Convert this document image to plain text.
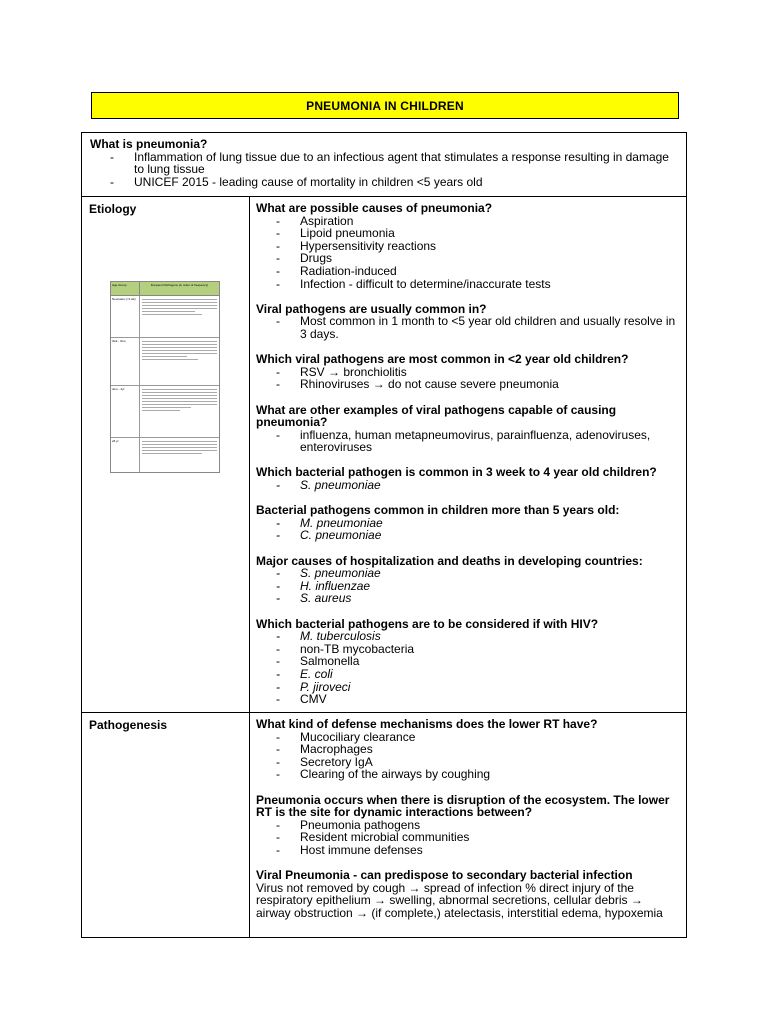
PNEUMONIA IN CHILDREN
What is pneumonia?
- Inflammation of lung tissue due to an infectious agent that stimulates a response resulting in damage to lung tissue
- UNICEF 2015 - leading cause of mortality in children <5 years old
Etiology
Age Group	Frequent Pathogens (in order of frequency)
Neonates (<3 wk)
3wk - 3mo
4mo - 4yr
≥5 yr
What are possible causes of pneumonia?
- Aspiration
- Lipoid pneumonia
- Hypersensitivity reactions
- Drugs
- Radiation-induced
- Infection - difficult to determine/inaccurate tests
Viral pathogens are usually common in?
- Most common in 1 month to <5 year old children and usually resolve in 3 days.
Which viral pathogens are most common in <2 year old children?
- RSV → bronchiolitis
- Rhinoviruses → do not cause severe pneumonia
What are other examples of viral pathogens capable of causing pneumonia?
- influenza, human metapneumovirus, parainfluenza, adenoviruses, enteroviruses
Which bacterial pathogen is common in 3 week to 4 year old children?
- S. pneumoniae
Bacterial pathogens common in children more than 5 years old:
- M. pneumoniae
- C. pneumoniae
Major causes of hospitalization and deaths in developing countries:
- S. pneumoniae
- H. influenzae
- S. aureus
Which bacterial pathogens are to be considered if with HIV?
- M. tuberculosis
- non-TB mycobacteria
- Salmonella
- E. coli
- P. jiroveci
- CMV
Pathogenesis	What kind of defense mechanisms does the lower RT have?
- Mucociliary clearance
- Macrophages
- Secretory IgA
- Clearing of the airways by coughing
Pneumonia occurs when there is disruption of the ecosystem. The lower RT is the site for dynamic interactions between?
- Pneumonia pathogens
- Resident microbial communities
- Host immune defenses
Viral Pneumonia - can predispose to secondary bacterial infection
Virus not removed by cough → spread of infection % direct injury of the respiratory epithelium → swelling, abnormal secretions, cellular debris → airway obstruction → (if complete,) atelectasis, interstitial edema, hypoxemia
